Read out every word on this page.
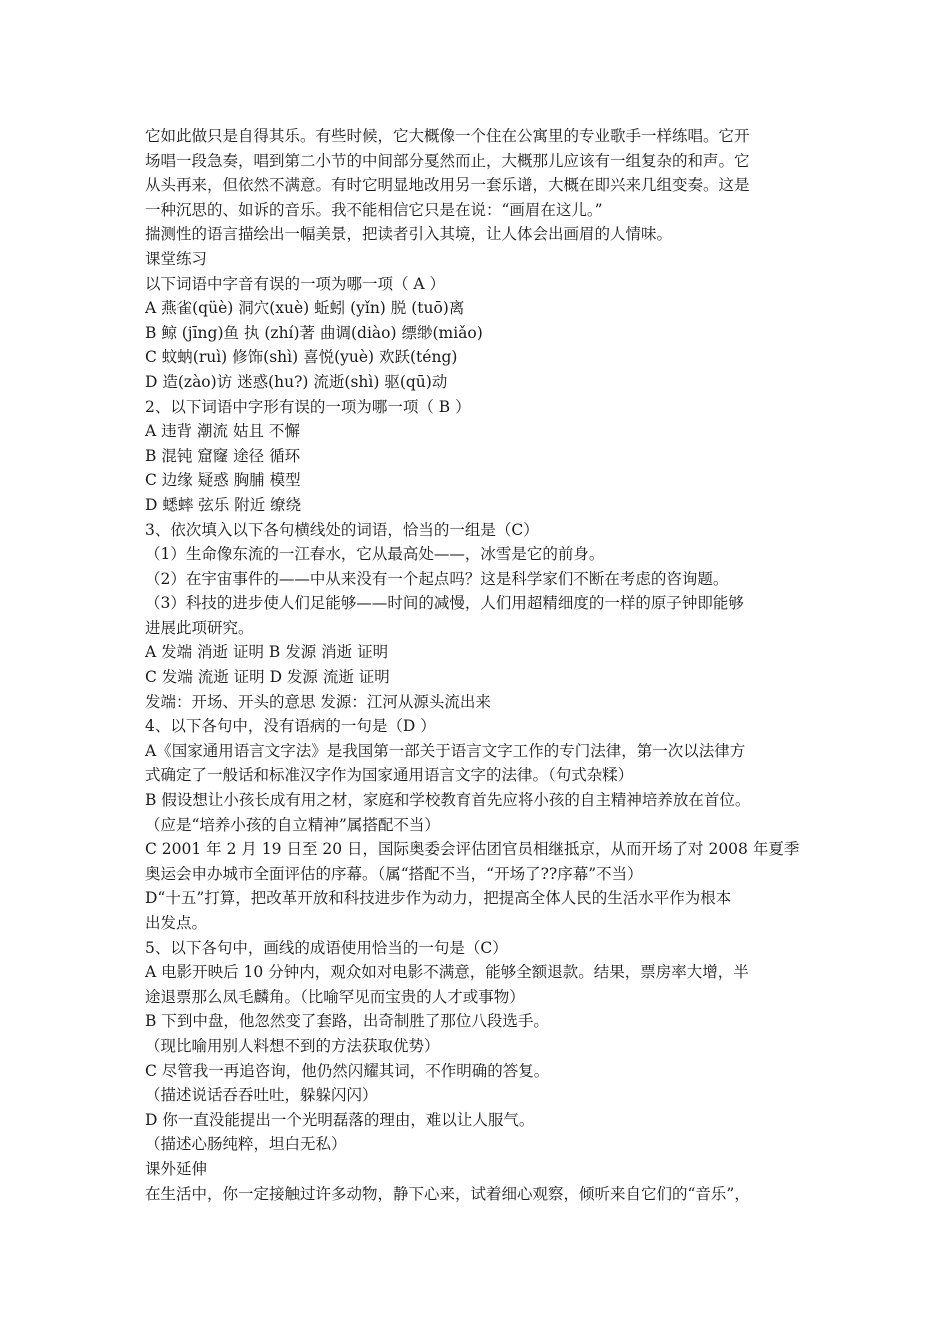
它如此做只是自得其乐。有些时候，它大概像一个住在公寓里的专业歌手一样练唱。它开
场唱一段急奏，唱到第二小节的中间部分戛然而止，大概那儿应该有一组复杂的和声。它
从头再来，但依然不满意。有时它明显地改用另一套乐谱，大概在即兴来几组变奏。这是
一种沉思的、如诉的音乐。我不能相信它只是在说：“画眉在这儿。”
揣测性的语言描绘出一幅美景，把读者引入其境，让人体会出画眉的人情味。
课堂练习
以下词语中字音有误的一项为哪一项（ A ）
A 燕雀(qüè) 洞穴(xuè) 蚯蚓 (yǐn) 脱 (tuō)离
B 鲸 (jīng)鱼 执 (zhí)著 曲调(diào) 缥缈(miǎo)
C 蚊蚋(ruì) 修饰(shì) 喜悦(yuè) 欢跃(téng)
D 造(zào)访 迷惑(hu?) 流逝(shì) 驱(qū)动
2、以下词语中字形有误的一项为哪一项（ B ）
A 违背 潮流 姑且 不懈
B 混钝 窟窿 途径 循环
C 边缘 疑惑 胸脯 模型
D 蟋蟀 弦乐 附近 缭绕
3、依次填入以下各句横线处的词语，恰当的一组是（C）
（1）生命像东流的一江春水，它从最高处——，冰雪是它的前身。
（2）在宇宙事件的——中从来没有一个起点吗？这是科学家们不断在考虑的咨询题。
（3）科技的进步使人们足能够——时间的减慢，人们用超精细度的一样的原子钟即能够
进展此项研究。
A 发端 消逝 证明 B 发源 消逝 证明
C 发端 流逝 证明 D 发源 流逝 证明
发端：开场、开头的意思 发源：江河从源头流出来
4、以下各句中，没有语病的一句是（D ）
A《国家通用语言文字法》是我国第一部关于语言文字工作的专门法律，第一次以法律方
式确定了一般话和标准汉字作为国家通用语言文字的法律。（句式杂糅）
B 假设想让小孩长成有用之材，家庭和学校教育首先应将小孩的自主精神培养放在首位。
（应是“培养小孩的自立精神”属搭配不当）
C 2001 年 2 月 19 日至 20 日，国际奥委会评估团官员相继抵京，从而开场了对 2008 年夏季
奥运会申办城市全面评估的序幕。（属“搭配不当，“开场了??序幕”不当）
D“十五”打算，把改革开放和科技进步作为动力，把提高全体人民的生活水平作为根本
出发点。
5、以下各句中，画线的成语使用恰当的一句是（C）
A 电影开映后 10 分钟内，观众如对电影不满意，能够全额退款。结果，票房率大增，半
途退票那么凤毛麟角。（比喻罕见而宝贵的人才或事物）
B 下到中盘，他忽然变了套路，出奇制胜了那位八段选手。
（现比喻用别人料想不到的方法获取优势）
C 尽管我一再追咨询，他仍然闪耀其词，不作明确的答复。
（描述说话吞吞吐吐，躲躲闪闪）
D 你一直没能提出一个光明磊落的理由，难以让人服气。
（描述心肠纯粹，坦白无私）
课外延伸
在生活中，你一定接触过许多动物，静下心来，试着细心观察，倾听来自它们的“音乐”，
